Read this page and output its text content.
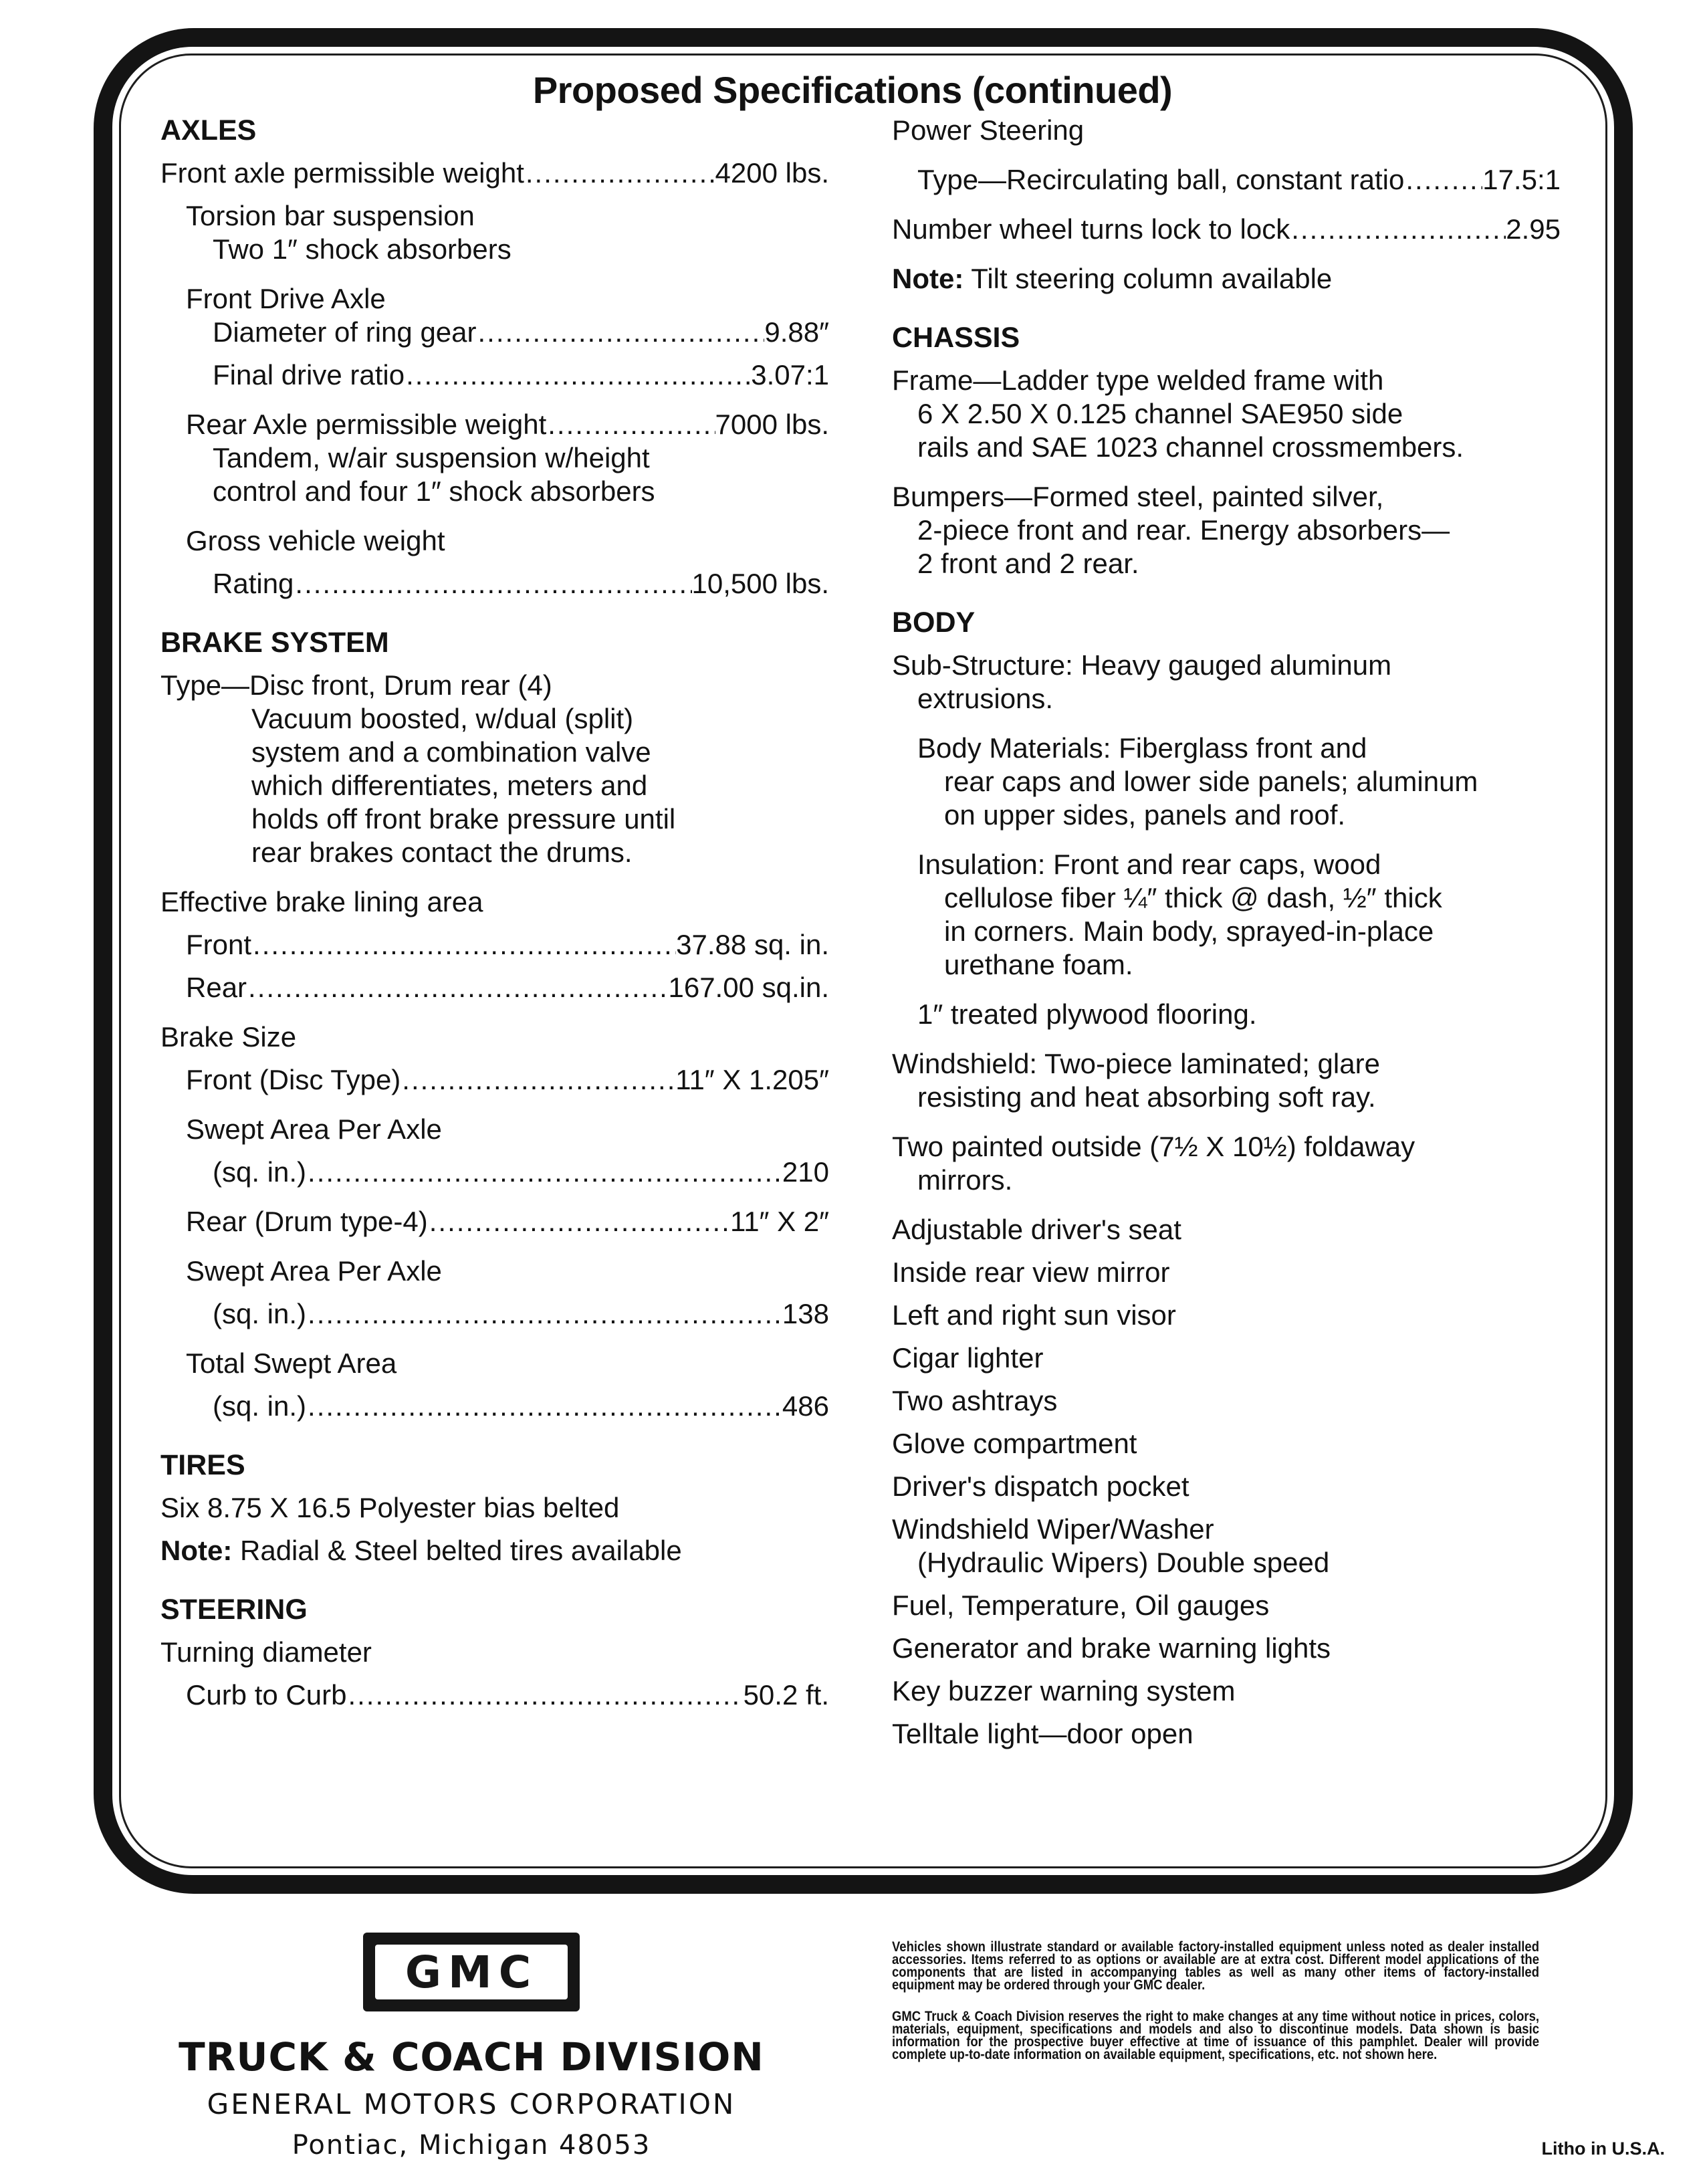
Proposed Specifications (continued)

AXLES

Front axle permissible weight .....	4200 lbs.

Torsion bar suspension

Two 1″ shock absorbers

Front Drive Axle

Diameter of ring gear .....	9.88″
Final drive ratio .....	3.07:1
Rear Axle permissible weight .....	7000 lbs.

Tandem, w/air suspension w/height

control and four 1″ shock absorbers

Gross vehicle weight

Rating .....	10,500 lbs.

BRAKE SYSTEM

Type—Disc front, Drum rear (4)

Vacuum boosted, w/dual (split)

system and a combination valve

which differentiates, meters and

holds off front brake pressure until

rear brakes contact the drums.

Effective brake lining area

Front .....	37.88 sq. in.
Rear .....	167.00 sq.in.

Brake Size

Front (Disc Type) .....	11″ X 1.205″

Swept Area Per Axle

(sq. in.) .....	210
Rear (Drum type-4) .....	11″ X 2″

Swept Area Per Axle

(sq. in.) .....	138

Total Swept Area

(sq. in.) .....	486

TIRES

Six 8.75 X 16.5 Polyester bias belted

Note: Radial & Steel belted tires available

STEERING

Turning diameter

Curb to Curb .....	50.2 ft.

Power Steering

Type—Recirculating ball, constant ratio .....	17.5:1
Number wheel turns lock to lock .....	2.95

Note: Tilt steering column available

CHASSIS

Frame—Ladder type welded frame with

6 X 2.50 X 0.125 channel SAE950 side

rails and SAE 1023 channel crossmembers.

Bumpers—Formed steel, painted silver,

2-piece front and rear. Energy absorbers—

2 front and 2 rear.

BODY

Sub-Structure: Heavy gauged aluminum

extrusions.

Body Materials: Fiberglass front and

rear caps and lower side panels; aluminum

on upper sides, panels and roof.

Insulation: Front and rear caps, wood

cellulose fiber ¼″ thick @ dash, ½″ thick

in corners. Main body, sprayed-in-place

urethane foam.

1″ treated plywood flooring.

Windshield: Two-piece laminated; glare

resisting and heat absorbing soft ray.

Two painted outside (7½ X 10½) foldaway

mirrors.

Adjustable driver's seat

Inside rear view mirror

Left and right sun visor

Cigar lighter

Two ashtrays

Glove compartment

Driver's dispatch pocket

Windshield Wiper/Washer

(Hydraulic Wipers) Double speed

Fuel, Temperature, Oil gauges

Generator and brake warning lights

Key buzzer warning system

Telltale light—door open

GMC
TRUCK & COACH DIVISION
GENERAL MOTORS CORPORATION
Pontiac, Michigan 48053

Vehicles shown illustrate standard or available factory-installed equipment unless noted as dealer installed accessories. Items referred to as options or available are at extra cost. Different model applications of the components that are listed in accompanying tables as well as many other items of factory-installed equipment may be ordered through your GMC dealer.

GMC Truck & Coach Division reserves the right to make changes at any time without notice in prices, colors, materials, equipment, specifications and models and also to discontinue models. Data shown is basic information for the prospective buyer effective at time of issuance of this pamphlet. Dealer will provide complete up-to-date information on available equipment, specifications, etc. not shown here.

Litho in U.S.A.
